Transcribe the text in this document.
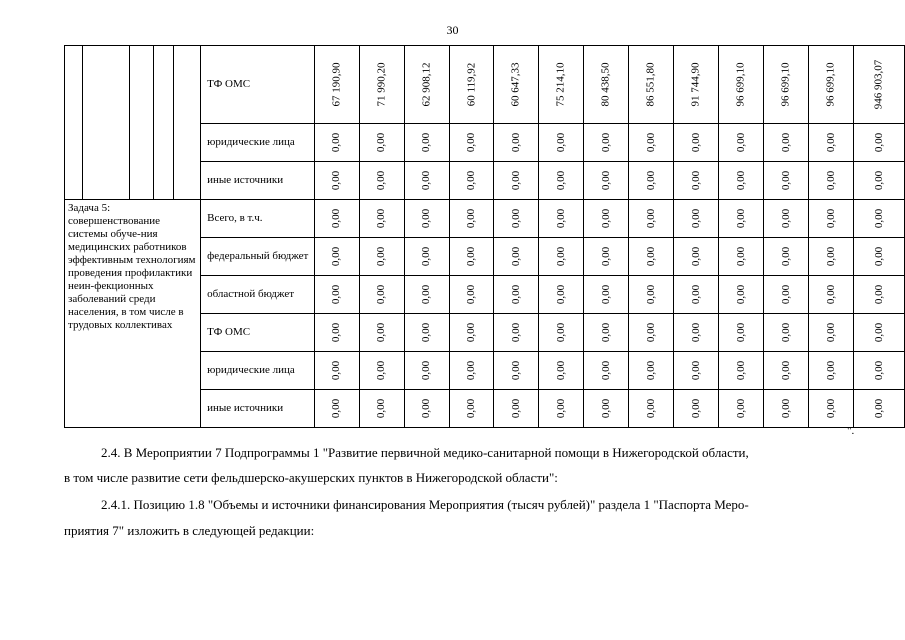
30
					ТФ ОМС	67 190,90	71 990,20	62 908,12	60 119,92	60 647,33	75 214,10	80 438,50	86 551,80	91 744,90	96 699,10	96 699,10	96 699,10	946 903,07
					юридические лица	0,00	0,00	0,00	0,00	0,00	0,00	0,00	0,00	0,00	0,00	0,00	0,00	0,00
					иные источники	0,00	0,00	0,00	0,00	0,00	0,00	0,00	0,00	0,00	0,00	0,00	0,00	0,00
Задача 5: совершенствование системы обуче-ния медицинских работников эффективным технологиям проведения профилактики неин-фекционных заболеваний среди населения, в том числе в трудовых коллективах					Всего, в т.ч.	0,00	0,00	0,00	0,00	0,00	0,00	0,00	0,00	0,00	0,00	0,00	0,00	0,00
					федеральный бюджет	0,00	0,00	0,00	0,00	0,00	0,00	0,00	0,00	0,00	0,00	0,00	0,00	0,00
					областной бюджет	0,00	0,00	0,00	0,00	0,00	0,00	0,00	0,00	0,00	0,00	0,00	0,00	0,00
					ТФ ОМС	0,00	0,00	0,00	0,00	0,00	0,00	0,00	0,00	0,00	0,00	0,00	0,00	0,00
					юридические лица	0,00	0,00	0,00	0,00	0,00	0,00	0,00	0,00	0,00	0,00	0,00	0,00	0,00
					иные источники	0,00	0,00	0,00	0,00	0,00	0,00	0,00	0,00	0,00	0,00	0,00	0,00	0,00
".
2.4. В Мероприятии 7 Подпрограммы 1 "Развитие первичной медико-санитарной помощи в Нижегородской области,
в том числе развитие сети фельдшерско-акушерских пунктов в Нижегородской области":
2.4.1. Позицию 1.8 "Объемы и источники финансирования Мероприятия (тысяч рублей)" раздела 1 "Паспорта Меро-
приятия 7" изложить в следующей редакции:
